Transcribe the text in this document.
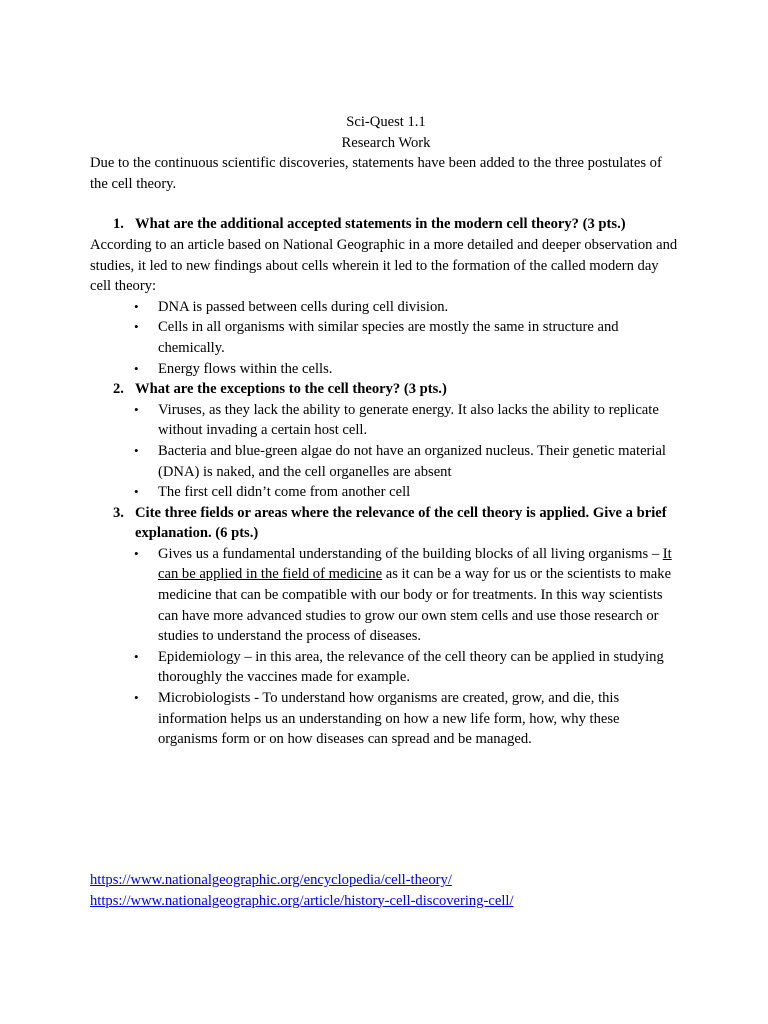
Sci-Quest 1.1

Research Work

Due to the continuous scientific discoveries, statements have been added to the three postulates of the cell theory.

1. What are the additional accepted statements in the modern cell theory? (3 pts.)

According to an article based on National Geographic in a more detailed and deeper observation and studies, it led to new findings about cells wherein it led to the formation of the called modern day cell theory:

• DNA is passed between cells during cell division.
• Cells in all organisms with similar species are mostly the same in structure and chemically.
• Energy flows within the cells.
2. What are the exceptions to the cell theory? (3 pts.)
• Viruses, as they lack the ability to generate energy. It also lacks the ability to replicate without invading a certain host cell.
• Bacteria and blue-green algae do not have an organized nucleus. Their genetic material (DNA) is naked, and the cell organelles are absent
• The first cell didn’t come from another cell
3. Cite three fields or areas where the relevance of the cell theory is applied. Give a brief explanation. (6 pts.)
• Gives us a fundamental understanding of the building blocks of all living organisms – It can be applied in the field of medicine as it can be a way for us or the scientists to make medicine that can be compatible with our body or for treatments. In this way scientists can have more advanced studies to grow our own stem cells and use those research or studies to understand the process of diseases.
• Epidemiology – in this area, the relevance of the cell theory can be applied in studying thoroughly the vaccines made for example.
• Microbiologists - To understand how organisms are created, grow, and die, this information helps us an understanding on how a new life form, how, why these organisms form or on how diseases can spread and be managed.
https://www.nationalgeographic.org/encyclopedia/cell-theory/
https://www.nationalgeographic.org/article/history-cell-discovering-cell/
